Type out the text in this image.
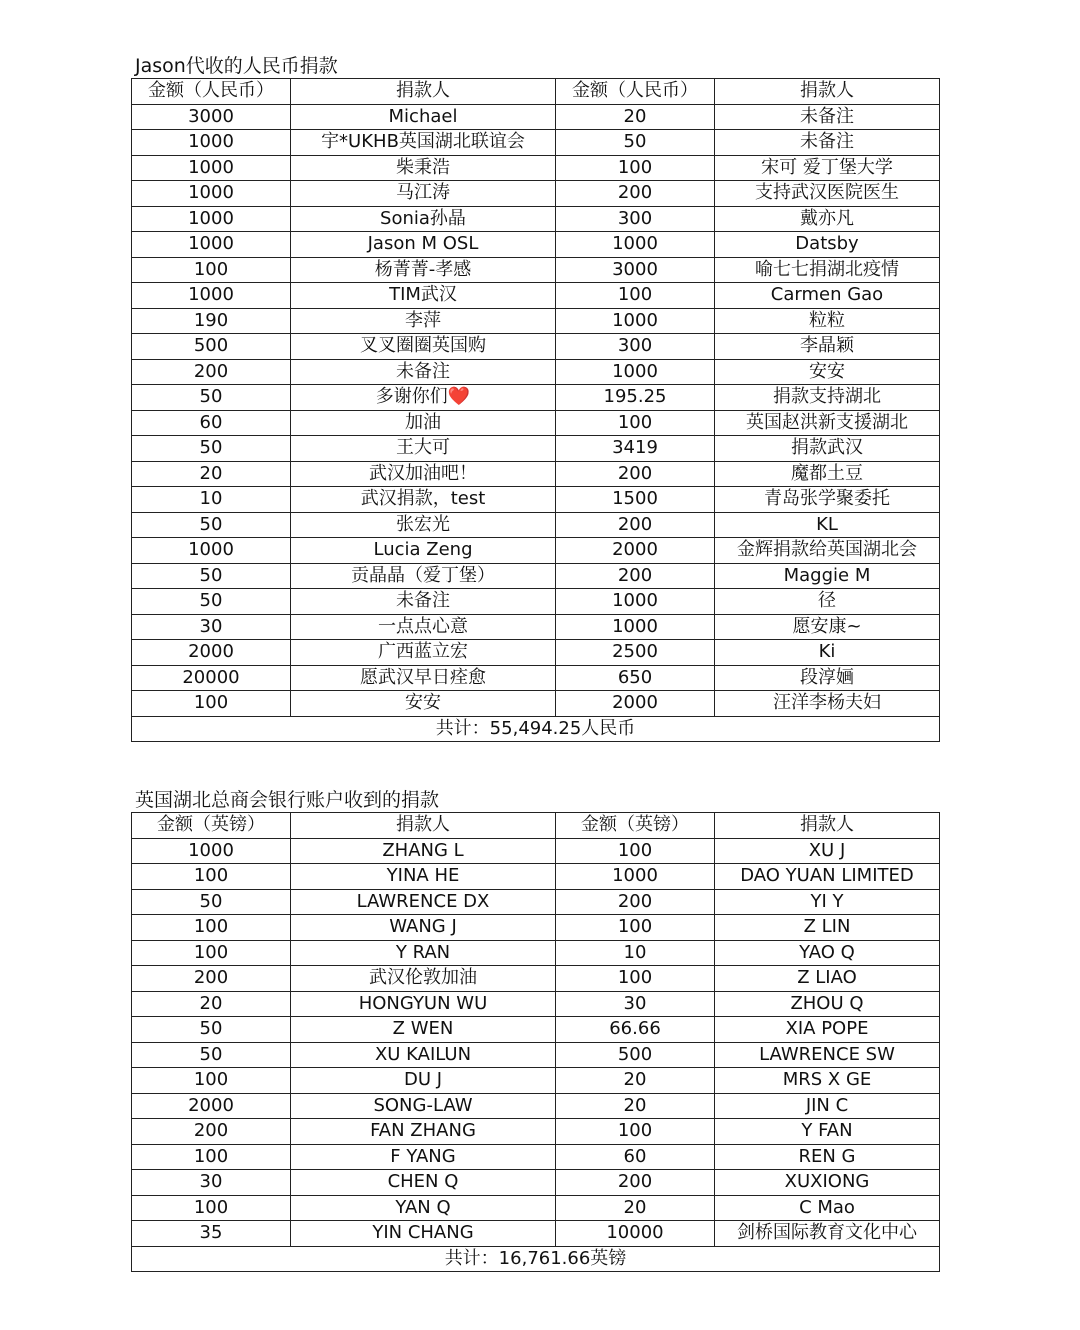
Jason代收的人民币捐款
金额（人民币）	捐款人	金额（人民币）	捐款人
3000	Michael	20	未备注
1000	宇*UKHB英国湖北联谊会	50	未备注
1000	柴秉浩	100	宋可 爱丁堡大学
1000	马江涛	200	支持武汉医院医生
1000	Sonia孙晶	300	戴亦凡
1000	Jason M OSL	1000	Datsby
100	杨菁菁-孝感	3000	喻七七捐湖北疫情
1000	TIM武汉	100	Carmen Gao
190	李萍	1000	粒粒
500	叉叉圈圈英国购	300	李晶颖
200	未备注	1000	安安
50	多谢你们❤️	195.25	捐款支持湖北
60	加油	100	英国赵洪新支援湖北
50	王大可	3419	捐款武汉
20	武汉加油吧！	200	魔都土豆
10	武汉捐款，test	1500	青岛张学聚委托
50	张宏光	200	KL
1000	Lucia Zeng	2000	金辉捐款给英国湖北会
50	贡晶晶（爱丁堡）	200	Maggie M
50	未备注	1000	径
30	一点点心意	1000	愿安康~
2000	广西蓝立宏	2500	Ki
20000	愿武汉早日痊愈	650	段淳婳
100	安安	2000	汪洋李杨夫妇
共计：55,494.25人民币			
英国湖北总商会银行账户收到的捐款
金额（英镑）	捐款人	金额（英镑）	捐款人
1000	ZHANG L	100	XU J
100	YINA HE	1000	DAO YUAN LIMITED
50	LAWRENCE DX	200	YI Y
100	WANG J	100	Z LIN
100	Y RAN	10	YAO Q
200	武汉伦敦加油	100	Z LIAO
20	HONGYUN WU	30	ZHOU Q
50	Z WEN	66.66	XIA POPE
50	XU KAILUN	500	LAWRENCE SW
100	DU J	20	MRS X GE
2000	SONG-LAW	20	JIN C
200	FAN ZHANG	100	Y FAN
100	F YANG	60	REN G
30	CHEN Q	200	XUXIONG
100	YAN Q	20	C Mao
35	YIN CHANG	10000	剑桥国际教育文化中心
共计：16,761.66英镑			
